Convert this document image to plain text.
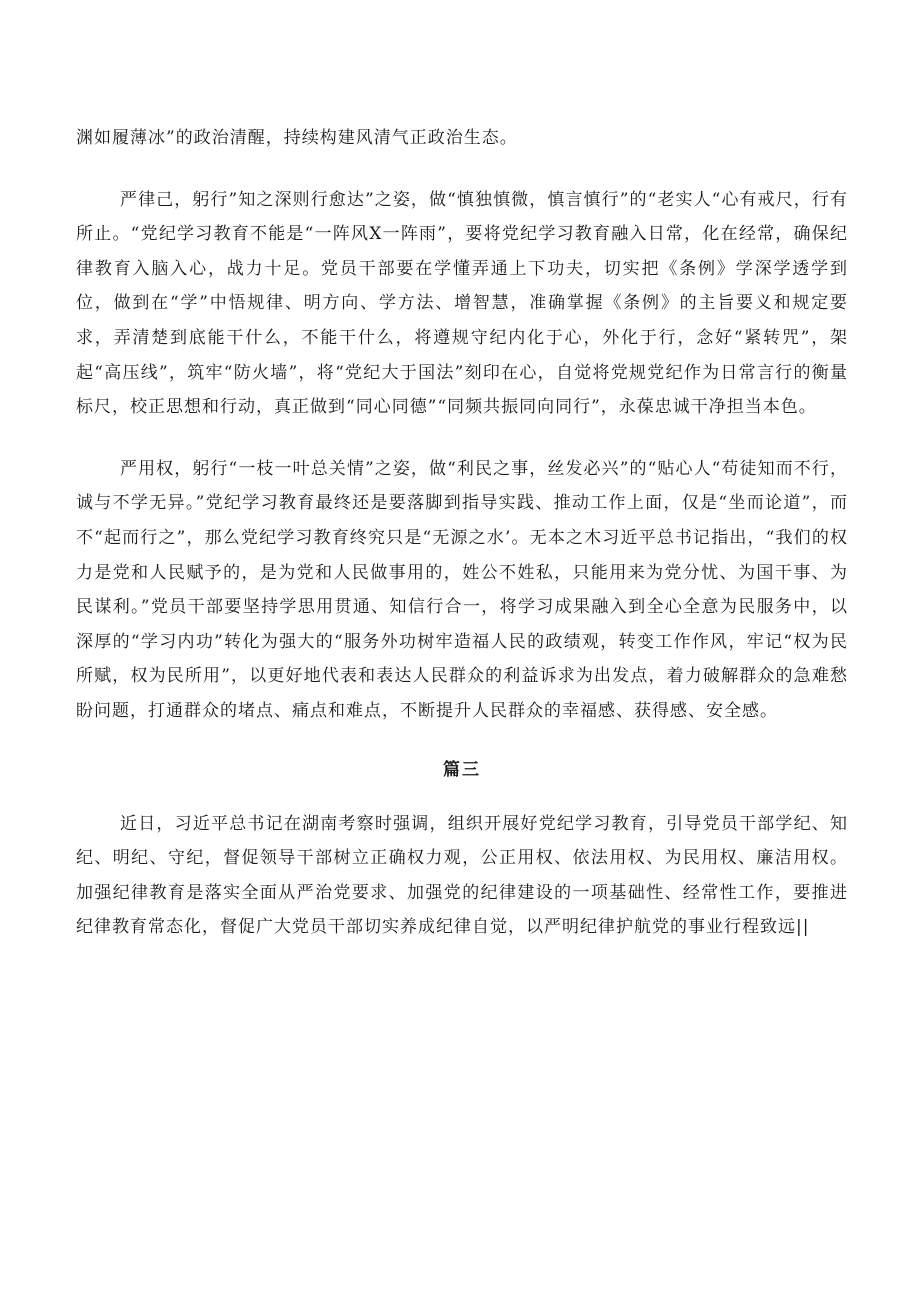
渊如履薄冰”的政治清醒，持续构建风清气正政治生态。

严律己，躬行”知之深则行愈达”之姿，做“慎独慎微，慎言慎行”的“老实人“心有戒尺，行有所止。“党纪学习教育不能是“一阵风X一阵雨”，要将党纪学习教育融入日常，化在经常，确保纪律教育入脑入心，战力十足。党员干部要在学懂弄通上下功夫，切实把《条例》学深学透学到位，做到在“学”中悟规律、明方向、学方法、增智慧，准确掌握《条例》的主旨要义和规定要求，弄清楚到底能干什么，不能干什么，将遵规守纪内化于心，外化于行，念好“紧转咒”，架起“高压线”，筑牢“防火墙”，将“党纪大于国法”刻印在心，自觉将党规党纪作为日常言行的衡量标尺，校正思想和行动，真正做到“同心同德”“同频共振同向同行”，永葆忠诚干净担当本色。

严用权，躬行“一枝一叶总关情”之姿，做“利民之事，丝发必兴”的“贴心人“苟徒知而不行，诚与不学无异。”党纪学习教育最终还是要落脚到指导实践、推动工作上面，仅是“坐而论道”，而不“起而行之”，那么党纪学习教育终究只是“无源之水’。无本之木习近平总书记指出，“我们的权力是党和人民赋予的，是为党和人民做事用的，姓公不姓私，只能用来为党分忧、为国干事、为民谋利。”党员干部要坚持学思用贯通、知信行合一，将学习成果融入到全心全意为民服务中，以深厚的“学习内功”转化为强大的“服务外功树牢造福人民的政绩观，转变工作作风，牢记“权为民所赋，权为民所用”，以更好地代表和表达人民群众的利益诉求为出发点，着力破解群众的急难愁盼问题，打通群众的堵点、痛点和难点，不断提升人民群众的幸福感、获得感、安全感。

篇三

近日，习近平总书记在湖南考察时强调，组织开展好党纪学习教育，引导党员干部学纪、知纪、明纪、守纪，督促领导干部树立正确权力观，公正用权、依法用权、为民用权、廉洁用权。加强纪律教育是落实全面从严治党要求、加强党的纪律建设的一项基础性、经常性工作，要推进纪律教育常态化，督促广大党员干部切实养成纪律自觉，以严明纪律护航党的事业行程致远||
